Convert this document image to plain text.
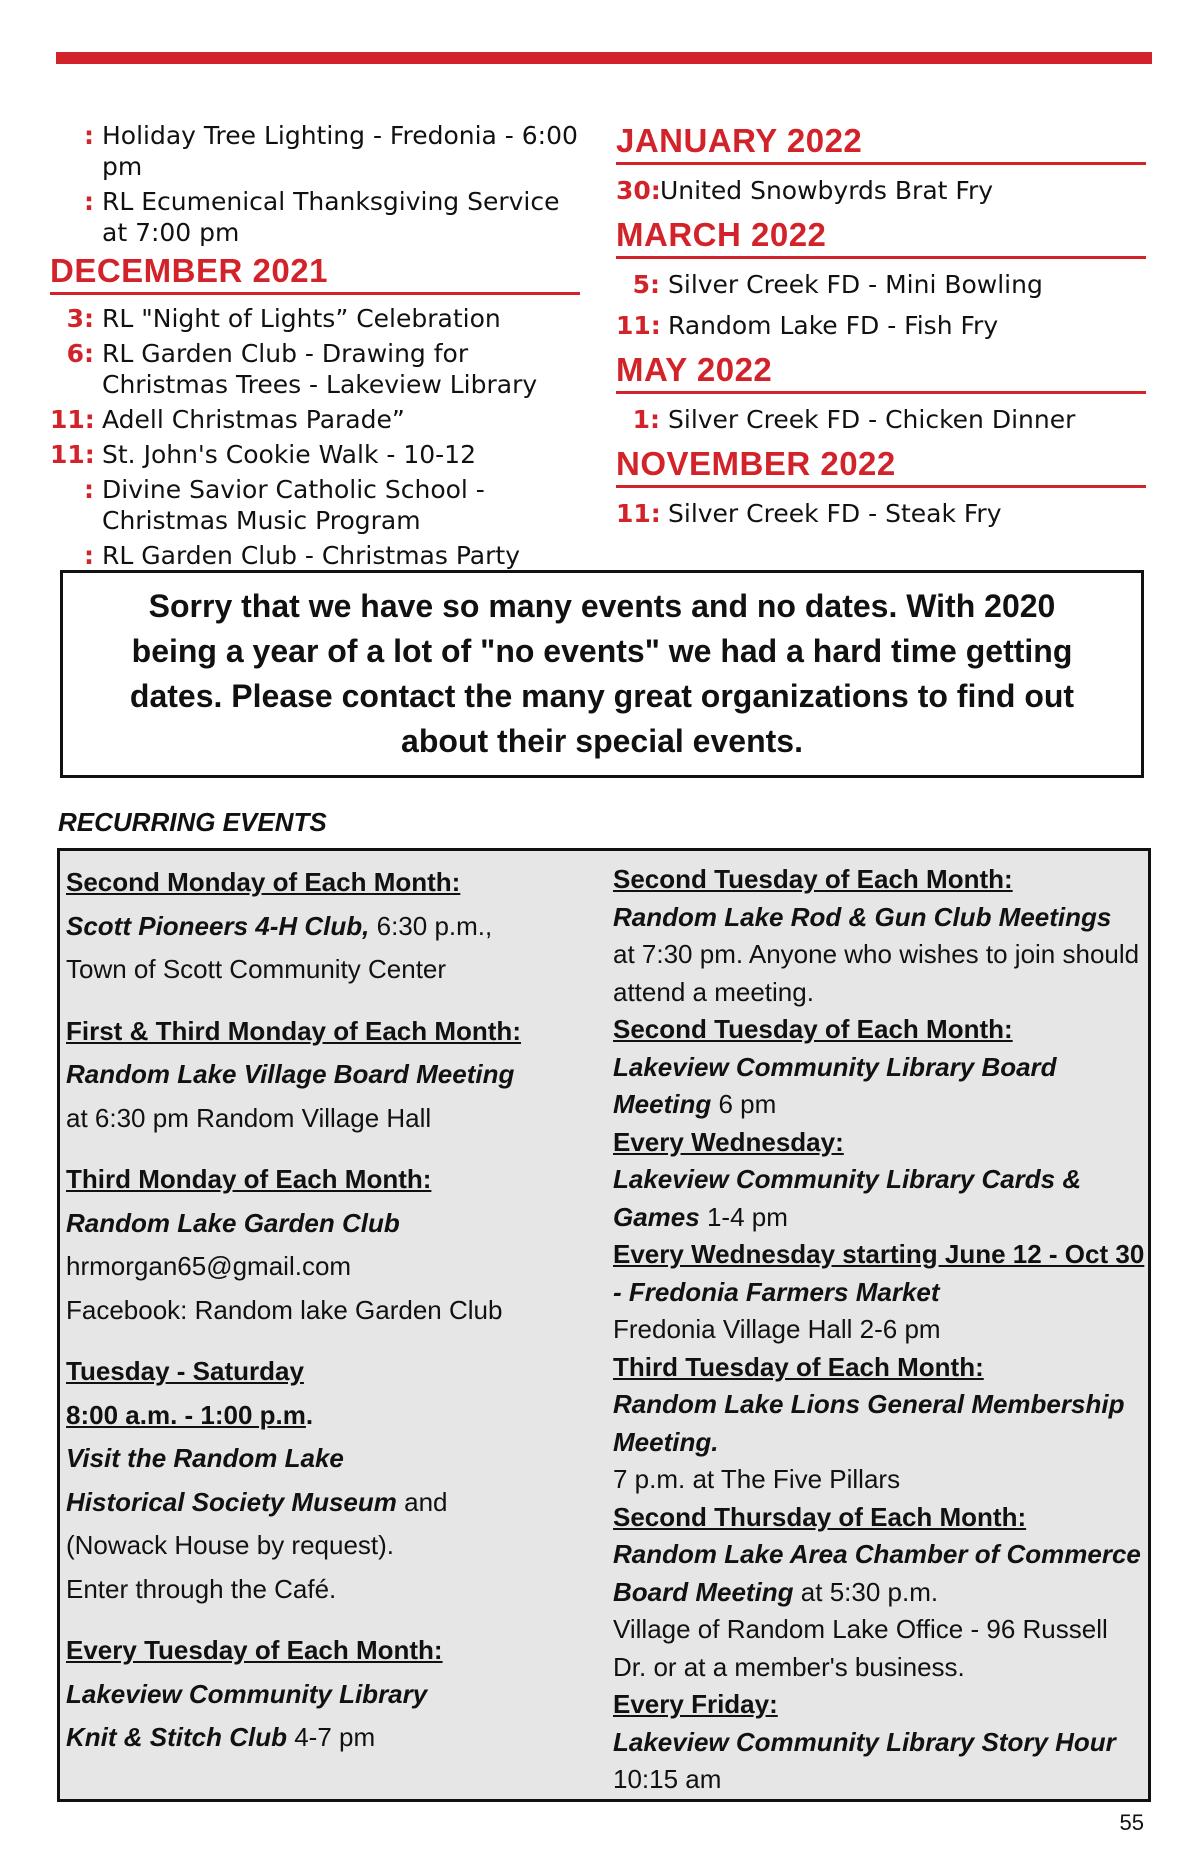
: Holiday Tree Lighting - Fredonia - 6:00 pm
: RL Ecumenical Thanksgiving Service at 7:00 pm
DECEMBER 2021
3: RL "Night of Lights” Celebration
6: RL Garden Club - Drawing for Christmas Trees - Lakeview Library
11: Adell Christmas Parade”
11: St. John's Cookie Walk - 10-12
: Divine Savior Catholic School - Christmas Music Program
: RL Garden Club - Christmas Party
JANUARY 2022
30: United Snowbyrds Brat Fry
MARCH 2022
5: Silver Creek FD - Mini Bowling
11: Random Lake FD - Fish Fry
MAY 2022
1: Silver Creek FD - Chicken Dinner
NOVEMBER 2022
11: Silver Creek FD - Steak Fry
Sorry that we have so many events and no dates. With 2020 being a year of a lot of "no events" we had a hard time getting dates. Please contact the many great organizations to find out about their special events.
RECURRING EVENTS
Second Monday of Each Month:
Scott Pioneers 4-H Club, 6:30 p.m.,
Town of Scott Community Center
First & Third Monday of Each Month:
Random Lake Village Board Meeting
at 6:30 pm Random Village Hall
Third Monday of Each Month:
Random Lake Garden Club
hrmorgan65@gmail.com
Facebook: Random lake Garden Club
Tuesday - Saturday
8:00 a.m. - 1:00 p.m.
Visit the Random Lake
Historical Society Museum and
(Nowack House by request).
Enter through the Café.
Every Tuesday of Each Month:
Lakeview Community Library
Knit & Stitch Club 4-7 pm
Second Tuesday of Each Month:
Random Lake Rod & Gun Club Meetings
at 7:30 pm. Anyone who wishes to join should attend a meeting.
Second Tuesday of Each Month:
Lakeview Community Library Board Meeting 6 pm
Every Wednesday:
Lakeview Community Library Cards & Games 1-4 pm
Every Wednesday starting June 12 - Oct 30 - Fredonia Farmers Market
Fredonia Village Hall 2-6 pm
Third Tuesday of Each Month:
Random Lake Lions General Membership Meeting.
7 p.m. at The Five Pillars
Second Thursday of Each Month:
Random Lake Area Chamber of Commerce Board Meeting at 5:30 p.m.
Village of Random Lake Office - 96 Russell Dr. or at a member's business.
Every Friday:
Lakeview Community Library Story Hour
10:15 am
55
